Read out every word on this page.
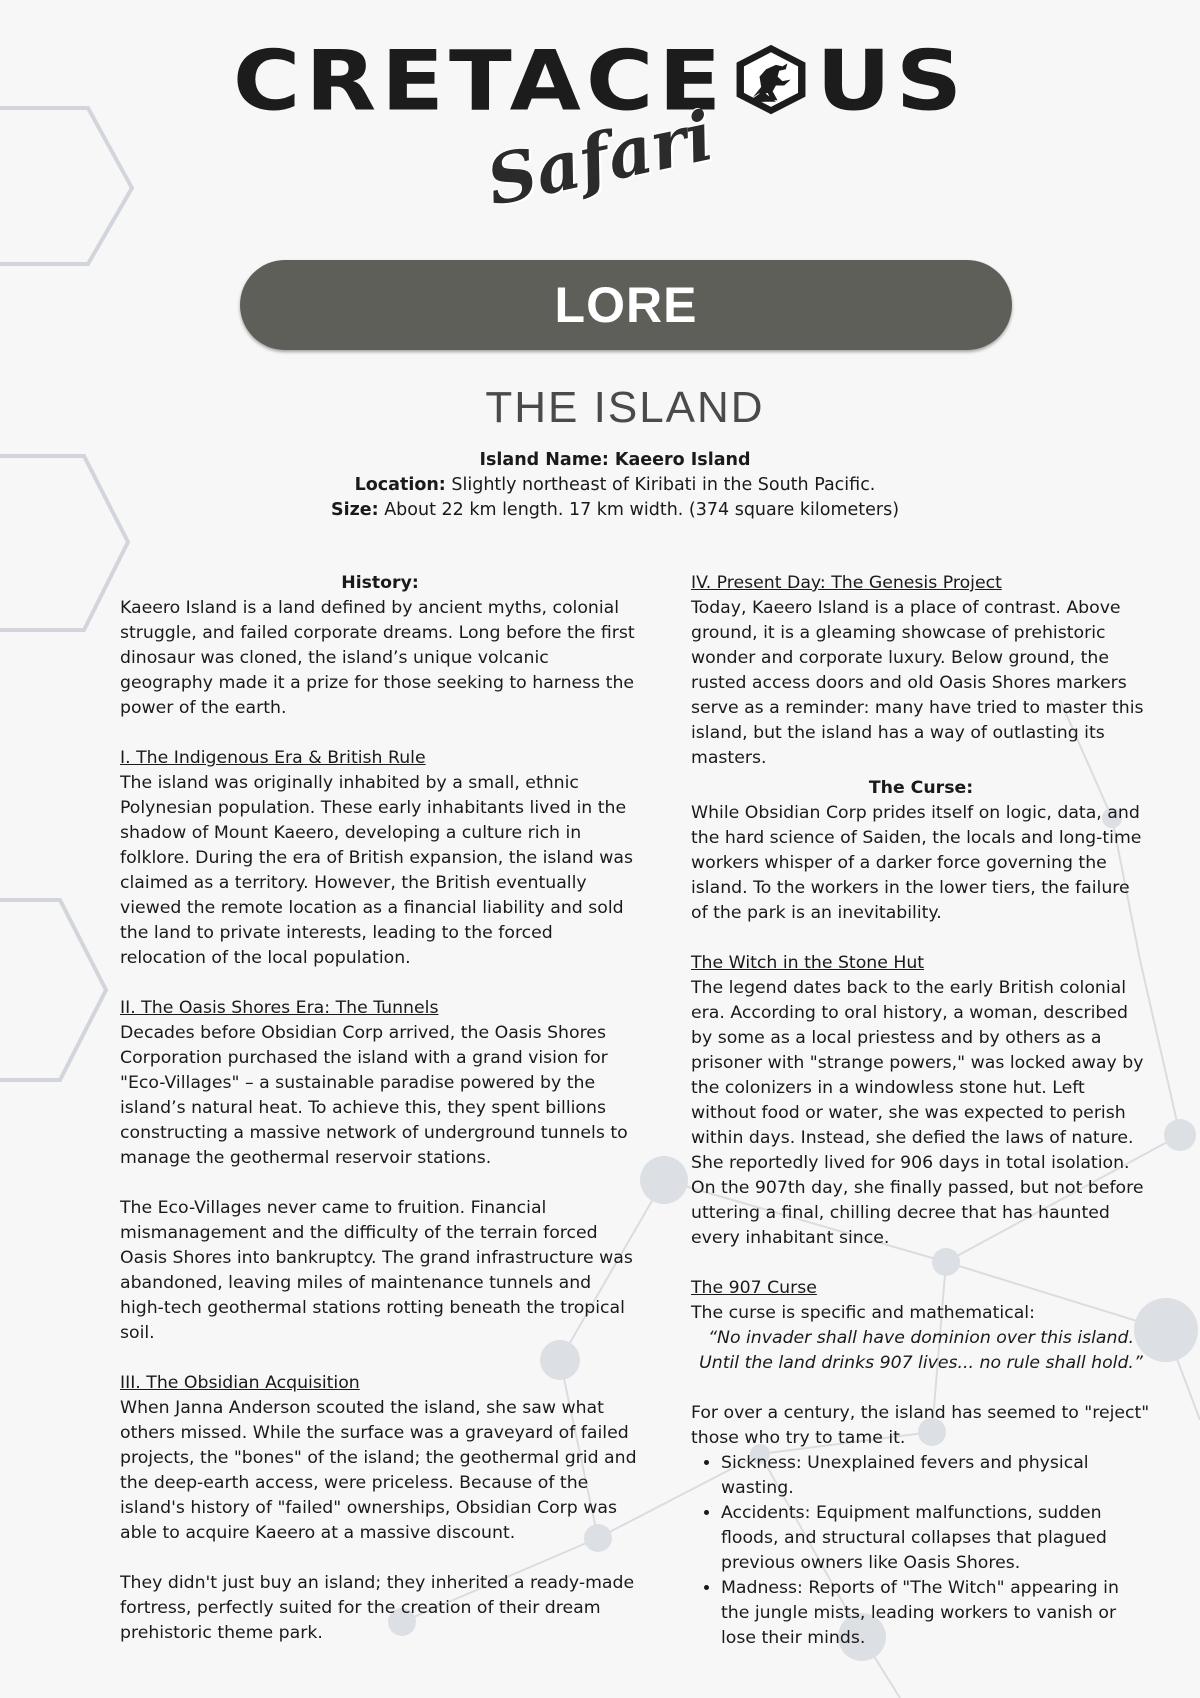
CRETACE US
Safari
LORE
THE ISLAND
Island Name: Kaeero Island
Location: Slightly northeast of Kiribati in the South Pacific.
Size: About 22 km length. 17 km width. (374 square kilometers)

History:

Kaeero Island is a land defined by ancient myths, colonial struggle, and failed corporate dreams. Long before the first dinosaur was cloned, the island’s unique volcanic geography made it a prize for those seeking to harness the power of the earth.

I. The Indigenous Era & British Rule

The island was originally inhabited by a small, ethnic Polynesian population. These early inhabitants lived in the shadow of Mount Kaeero, developing a culture rich in folklore. During the era of British expansion, the island was claimed as a territory. However, the British eventually viewed the remote location as a financial liability and sold the land to private interests, leading to the forced relocation of the local population.

II. The Oasis Shores Era: The Tunnels

Decades before Obsidian Corp arrived, the Oasis Shores Corporation purchased the island with a grand vision for "Eco-Villages" – a sustainable paradise powered by the island’s natural heat. To achieve this, they spent billions constructing a massive network of underground tunnels to manage the geothermal reservoir stations.

The Eco-Villages never came to fruition. Financial mismanagement and the difficulty of the terrain forced Oasis Shores into bankruptcy. The grand infrastructure was abandoned, leaving miles of maintenance tunnels and high-tech geothermal stations rotting beneath the tropical soil.

III. The Obsidian Acquisition

When Janna Anderson scouted the island, she saw what others missed. While the surface was a graveyard of failed projects, the "bones" of the island; the geothermal grid and the deep-earth access, were priceless. Because of the island's history of "failed" ownerships, Obsidian Corp was able to acquire Kaeero at a massive discount.

They didn't just buy an island; they inherited a ready-made fortress, perfectly suited for the creation of their dream prehistoric theme park.

IV. Present Day: The Genesis Project

Today, Kaeero Island is a place of contrast. Above ground, it is a gleaming showcase of prehistoric wonder and corporate luxury. Below ground, the rusted access doors and old Oasis Shores markers serve as a reminder: many have tried to master this island, but the island has a way of outlasting its masters.

The Curse:

While Obsidian Corp prides itself on logic, data, and the hard science of Saiden, the locals and long-time workers whisper of a darker force governing the island. To the workers in the lower tiers, the failure of the park is an inevitability.

The Witch in the Stone Hut

The legend dates back to the early British colonial era. According to oral history, a woman, described by some as a local priestess and by others as a prisoner with "strange powers," was locked away by the colonizers in a windowless stone hut. Left without food or water, she was expected to perish within days. Instead, she defied the laws of nature. She reportedly lived for 906 days in total isolation. On the 907th day, she finally passed, but not before uttering a final, chilling decree that has haunted every inhabitant since.

The 907 Curse

The curse is specific and mathematical:

“No invader shall have dominion over this island.

Until the land drinks 907 lives... no rule shall hold.”

For over a century, the island has seemed to "reject" those who try to tame it.

• Sickness: Unexplained fevers and physical wasting.
• Accidents: Equipment malfunctions, sudden floods, and structural collapses that plagued previous owners like Oasis Shores.
• Madness: Reports of "The Witch" appearing in the jungle mists, leading workers to vanish or lose their minds.
